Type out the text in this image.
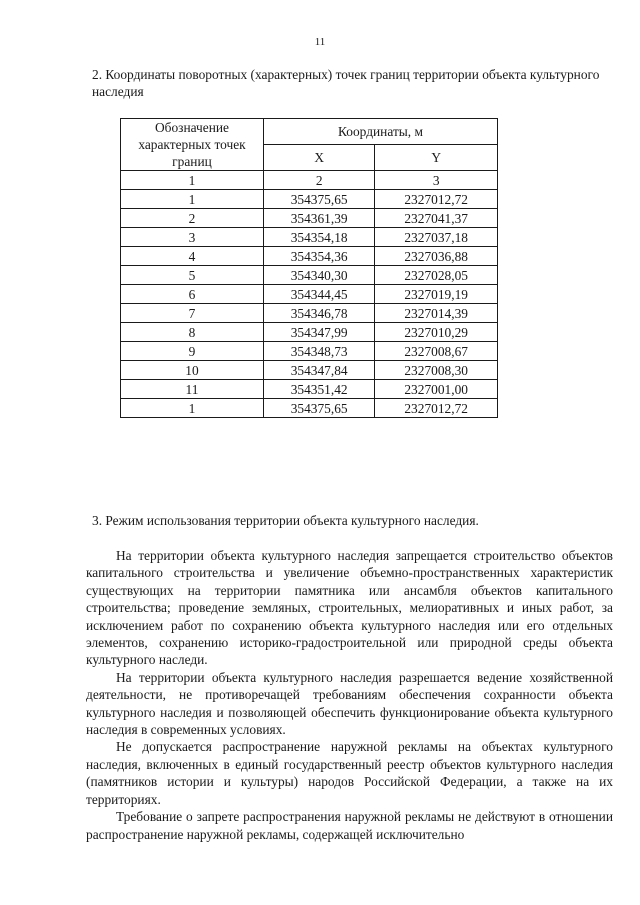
11
2. Координаты поворотных (характерных) точек границ территории объекта культурного наследия
Обозначение характерных точек границ	Координаты, м	
	X	Y
1	2	3
1	354375,65	2327012,72
2	354361,39	2327041,37
3	354354,18	2327037,18
4	354354,36	2327036,88
5	354340,30	2327028,05
6	354344,45	2327019,19
7	354346,78	2327014,39
8	354347,99	2327010,29
9	354348,73	2327008,67
10	354347,84	2327008,30
11	354351,42	2327001,00
1	354375,65	2327012,72
3. Режим использования территории объекта культурного наследия.

На территории объекта культурного наследия запрещается строительство объектов капитального строительства и увеличение объемно-пространственных характеристик существующих на территории памятника или ансамбля объектов капитального строительства; проведение земляных, строительных, мелиоративных и иных работ, за исключением работ по сохранению объекта культурного наследия или его отдельных элементов, сохранению историко-градостроительной или природной среды объекта культурного наследи.

На территории объекта культурного наследия разрешается ведение хозяйственной деятельности, не противоречащей требованиям обеспечения сохранности объекта культурного наследия и позволяющей обеспечить функционирование объекта культурного наследия в современных условиях.

Не допускается распространение наружной рекламы на объектах культурного наследия, включенных в единый государственный реестр объектов культурного наследия (памятников истории и культуры) народов Российской Федерации, а также на их территориях.

Требование о запрете распространения наружной рекламы не действуют в отношении распространение наружной рекламы, содержащей исключительно
